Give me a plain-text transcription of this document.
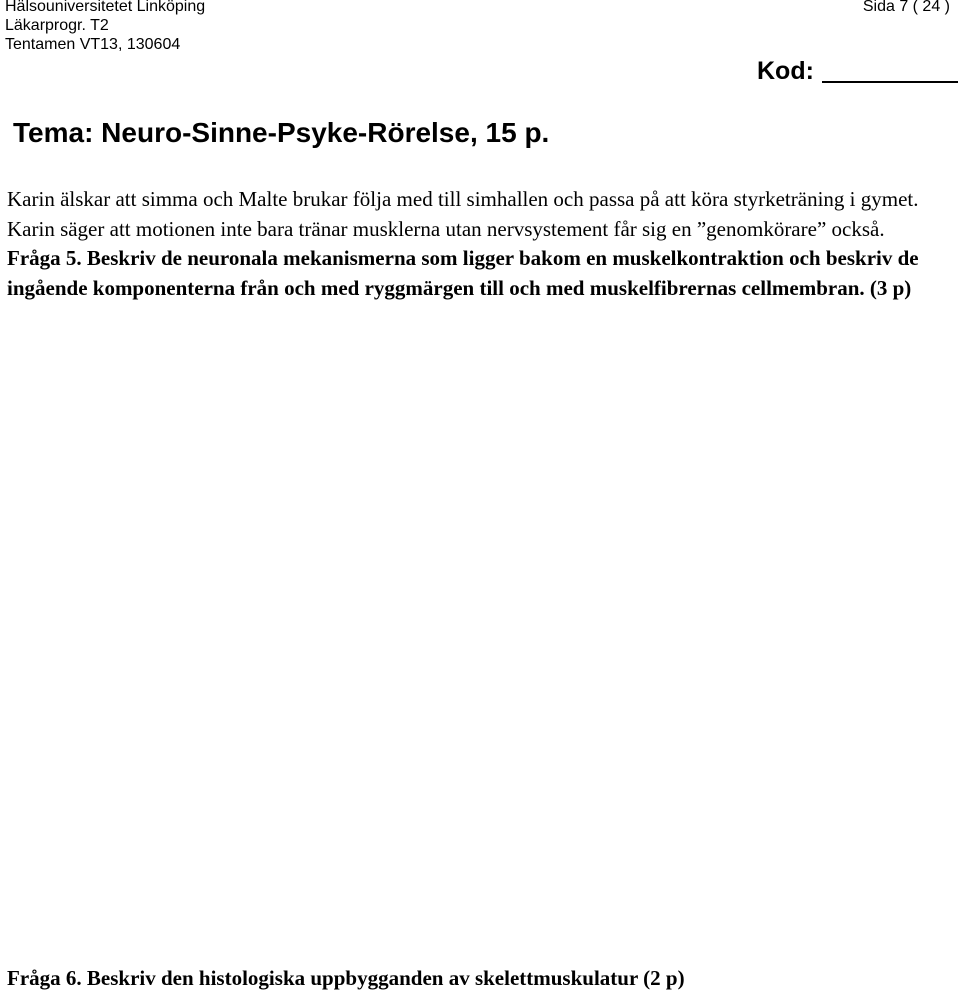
Hälsouniversitetet Linköping
Läkarprogr. T2
Tentamen VT13, 130604
Sida 7 ( 24 )
Kod:
Tema: Neuro-Sinne-Psyke-Rörelse, 15 p.

Karin älskar att simma och Malte brukar följa med till simhallen och passa på att köra styrketräning i gymet. Karin säger att motionen inte bara tränar musklerna utan nervsystement får sig en ”genomkörare” också.
Fråga 5. Beskriv de neuronala mekanismerna som ligger bakom en muskelkontraktion och beskriv de ingående komponenterna från och med ryggmärgen till och med muskelfibrernas cellmembran. (3 p)

Fråga 6. Beskriv den histologiska uppbygganden av skelettmuskulatur (2 p)
